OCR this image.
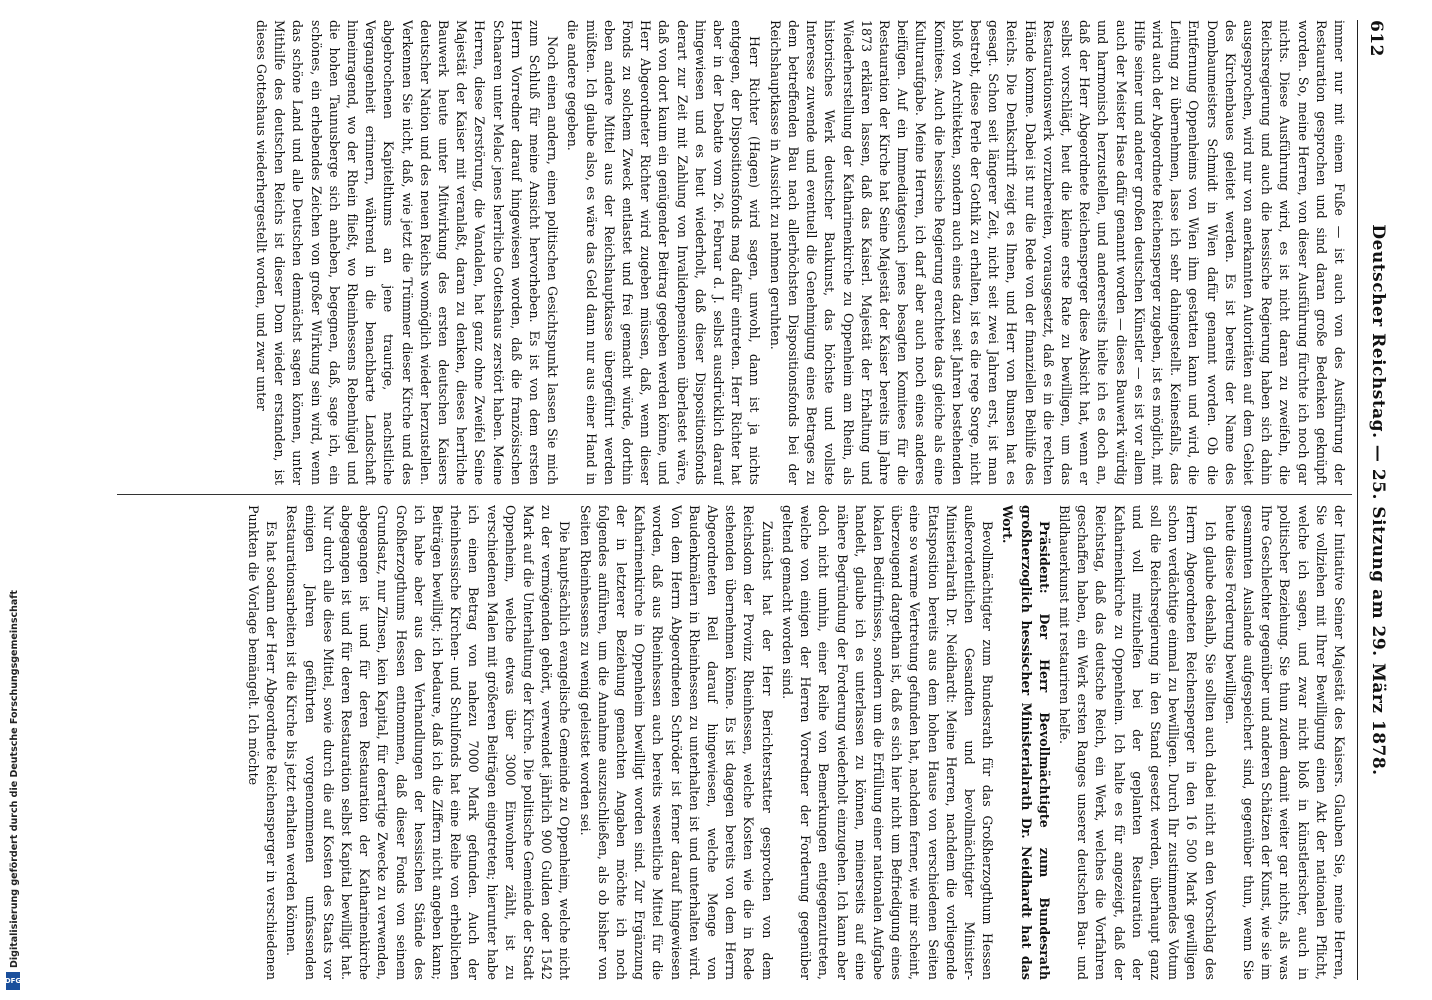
Digitalisierung gefördert durch die Deutsche Forschungsgemeinschaft
DFG
612
Deutscher Reichstag. — 25. Sitzung am 29. März 1878.

immer nur mit einem Fuße — ist auch von des Ausführung der Restauration gesprochen und sind daran große Bedenken geknüpft worden. So, meine Herren, von dieser Ausführung fürchte ich noch gar nichts. Diese Ausführung wird, es ist nicht daran zu zweifeln, die Reichsregierung und auch die hessische Regierung haben sich dahin ausgesprochen, wird nur von anerkannten Autoritäten auf dem Gebiet des Kirchenbaues geleitet werden. Es ist bereits der Name des Dombaumeisters Schmidt in Wien dafür genannt worden. Ob die Entfernung Oppenheims von Wien ihm gestatten kann und wird, die Leitung zu übernehmen, lasse ich sehr dahingestellt. Keinesfalls, das wird auch der Abgeordnete Reichensperger zugeben, ist es möglich, mit Hilfe seiner und anderer großen deutschen Künstler — es ist vor allem auch der Meister Hase dafür genannt worden — dieses Bauwerk würdig und harmonisch herzustellen, und andererseits hielte ich es doch an, daß der Herr Abgeordnete Reichensperger diese Absicht hat, wenn er selbst vorschlägt, heut die kleine erste Rate zu bewilligen, um das Restaurationswerk vorzubereiten, vorausgesetzt, daß es in die rechten Hände komme. Dabei ist nur die Rede von der finanziellen Beihilfe des Reichs. Die Denkschrift zeigt es Ihnen, und Herr von Bunsen hat es gesagt. Schon seit längerer Zeit, nicht seit zwei Jahren erst, ist man bestrebt, diese Perle der Gothik zu erhalten, ist es die rege Sorge, nicht bloß von Architekten, sondern auch eines dazu seit Jahren bestehenden Komitees. Auch die hessische Regierung erachtete das gleiche als eine Kulturaufgabe. Meine Herren, ich darf aber auch noch eines anderes beifügen. Auf ein Immediatgesuch jenes besagten Komitees für die Restauration der Kirche hat Seine Majestät der Kaiser bereits im Jahre 1873 erklären lassen, daß das Kaiserl. Majestät der Erhaltung und Wiederherstellung der Katharinenkirche zu Oppenheim am Rhein, als historisches Werk deutscher Baukunst, das höchste und vollste Interesse zuwende und eventuell die Genehmigung eines Betrages zu dem betreffenden Bau nach allerhöchsten Dispositionsfonds bei der Reichshauptkasse in Aussicht zu nehmen geruhten.

Herr Richter (Hagen) wird sagen, unwohl, dann ist ja nichts entgegen, der Dispositionsfonds mag dafür eintreten. Herr Richter hat aber in der Debatte vom 26. Februar d. J. selbst ausdrücklich darauf hingewiesen und es heut wiederholt, daß dieser Dispositionsfonds derart zur Zeit mit Zahlung von Invalidenpensionen überlastet wäre, daß von dort kaum ein genügender Beitrag gegeben werden könne, und Herr Abgeordneter Richter wird zugeben müssen, daß, wenn dieser Fonds zu solchem Zweck entlastet und frei gemacht würde, dorthin eben andere Mittel aus der Reichshauptkasse übergeführt werden müßten. Ich glaube also, es wäre das Geld dann nur aus einer Hand in die andere gegeben.

Noch einen andern, einen politischen Gesichtspunkt lassen Sie mich zum Schluß für meine Ansicht hervorheben. Es ist von dem ersten Herrn Vorredner darauf hingewiesen worden, daß die französischen Schaaren unter Melac jenes herrliche Gotteshaus zerstört haben. Meine Herren, diese Zerstörung, die Vandalen, hat ganz ohne Zweifel Seine Majestät der Kaiser mit veranlaßt, daran zu denken, dieses herrliche Bauwerk heute unter Mitwirkung des ersten deutschen Kaisers deutscher Nation und des neuen Reichs womöglich wieder herzustellen. Verkennen Sie nicht, daß, wie jetzt die Trümmer dieser Kirche und des abgebrochenen Kapitelthums an jene traurige, nachstliche Vergangenheit erinnern, während in die benachbarte Landschaft hineinragend, wo der Rhein fließt, wo Rheinhessens Rebenhügel und die hohen Taunusberge sich anheben, begegnen, daß, sage ich, ein schönes, ein erhebendes Zeichen von großer Wirkung sein wird, wenn das schöne Land und alle Deutschen demnächst sagen können, unter Mithilfe des deutschen Reichs ist dieser Dom wieder erstanden, ist dieses Gotteshaus wiederhergestellt worden, und zwar unter

der Initiative Seiner Majestät des Kaisers. Glauben Sie, meine Herren, Sie vollziehen mit Ihrer Bewilligung einen Akt der nationalen Pflicht, welche ich sagen, und zwar nicht bloß in künstlerischer, auch in politischer Beziehung. Sie thun zudem damit weiter gar nichts, als was Ihre Geschlechter gegenüber und anderen Schätzen der Kunst, wie sie im gesammten Auslande aufgespeichert sind, gegenüber thun, wenn Sie heute diese Forderung bewilligen.

Ich glaube deshalb, Sie sollten auch dabei nicht an den Vorschlag des Herrn Abgeordneten Reichensperger in den 16 500 Mark gewilligen schon verdächtige einmal zu bewilligen. Durch Ihr zustimmendes Votum soll die Reichsregierung in den Stand gesetzt werden, überhaupt ganz und voll mitzuhelfen bei der geplanten Restauration der Katharinenkirche zu Oppenheim. Ich halte es für angezeigt, daß der Reichstag, daß das deutsche Reich, ein Werk, welches die Vorfahren geschaffen haben, ein Werk ersten Ranges unserer deutschen Bau- und Bildhauerkunst mit restauriren helfe.

Präsident: Der Herr Bevollmächtigte zum Bundesrath großherzoglich hessischer Ministerialrath Dr. Neidhardt hat das Wort.

Bevollmächtigter zum Bundesrath für das Großherzogthum Hessen außerordentlichen Gesandten und bevollmächtigter Minister-Ministerialrath Dr. Neidhardt: Meine Herren, nachdem die vorliegende Etatsposition bereits aus dem hohen Hause von verschiedenen Seiten eine so warme Vertretung gefunden hat, nachdem ferner, wie mir scheint, überzeugend dargethan ist, daß es sich hier nicht um Befriedigung eines lokalen Bedürfnisses, sondern um die Erfüllung einer nationalen Aufgabe handelt, glaube ich es unterlassen zu können, meinerseits auf eine nähere Begründung der Forderung wiederholt einzugehen. Ich kann aber doch nicht umhin, einer Reihe von Bemerkungen entgegenzutreten, welche von einigen der Herren Vorredner der Forderung gegenüber geltend gemacht worden sind.

Zunächst hat der Herr Berichterstatter gesprochen von dem Reichsdom der Provinz Rheinhessen, welche Kosten wie die in Rede stehenden übernehmen könne. Es ist dagegen bereits von dem Herrn Abgeordneten Reil darauf hingewiesen, welche Menge von Baudenkmälern in Rheinhessen zu unterhalten ist und unterhalten wird. Von dem Herrn Abgeordneten Schröder ist ferner darauf hingewiesen worden, daß aus Rheinhessen auch bereits wesentliche Mittel für die Katharinenkirche in Oppenheim bewilligt worden sind. Zur Ergänzung der in letzterer Beziehung gemachten Angaben möchte ich noch folgendes anführen, um die Annahme auszuschließen, als ob bisher von Seiten Rheinhessens zu wenig geleistet worden sei.

Die hauptsächlich evangelische Gemeinde zu Oppenheim, welche nicht zu der vermögenden gehört, verwendet jährlich 900 Gulden oder 1542 Mark auf die Unterhaltung der Kirche. Die politische Gemeinde der Stadt Oppenheim, welche etwas über 3000 Einwohner zählt, ist zu verschiedenen Malen mit größeren Beiträgen eingetreten; hierunter habe ich einen Betrag von nahezu 7000 Mark gefunden. Auch der rheinhessische Kirchen- und Schulfonds hat eine Reihe von erheblichen Beiträgen bewilligt; ich bedaure, daß ich die Ziffern nicht angeben kann; ich habe aber aus den Verhandlungen der hessischen Stände des Großherzogthums Hessen entnommen, daß dieser Fonds von seinem Grundsatz, nur Zinsen, kein Kapital, für derartige Zwecke zu verwenden, abgegangen ist und für deren Restauration der Katharinenkirche abgegangen ist und für deren Restauration selbst Kapital bewilligt hat. Nur durch alle diese Mittel, sowie durch die auf Kosten des Staats vor einigen Jahren geführten vorgenommenen umfassenden Restaurationsarbeiten ist die Kirche bis jetzt erhalten werden können.

Es hat sodann der Herr Abgeordnete Reichensperger in verschiedenen Punkten die Vorlage bemängelt. Ich möchte
